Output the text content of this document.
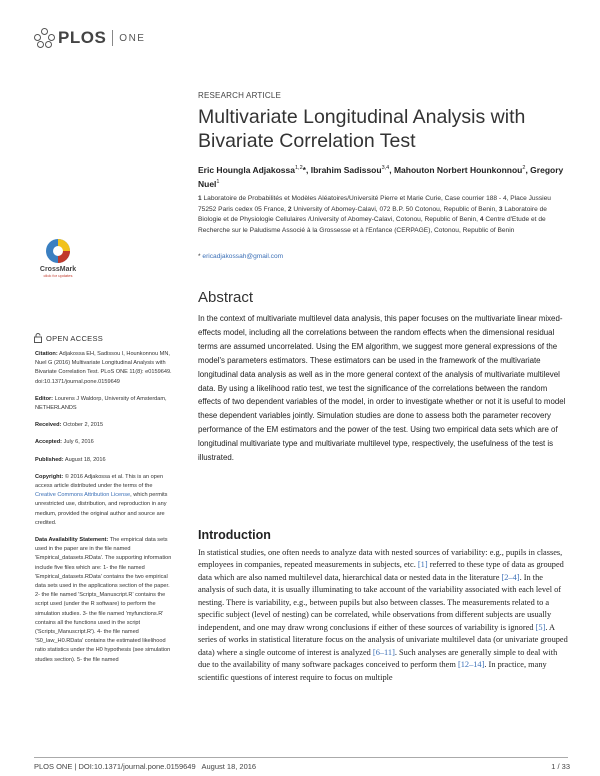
PLOS ONE
RESEARCH ARTICLE
Multivariate Longitudinal Analysis with Bivariate Correlation Test
Eric Houngla Adjakossa$^{1,2}$*, Ibrahim Sadissou$^{3,4}$, Mahouton Norbert Hounkonnou$^2$, Gregory Nuel$^1$
1 Laboratoire de Probabilités et Modèles Aléatoires/Université Pierre et Marie Curie, Case courrier 188 - 4, Place Jussieu 75252 Paris cedex 05 France, 2 University of Abomey-Calavi, 072 B.P. 50 Cotonou, Republic of Benin, 3 Laboratoire de Biologie et de Physiologie Cellulaires /University of Abomey-Calavi, Cotonou, Republic of Benin, 4 Centre d'Etude et de Recherche sur le Paludisme Associé à la Grossesse et à l'Enfance (CERPAGE), Cotonou, Republic of Benin
* ericadjakossah@gmail.com
Abstract
In the context of multivariate multilevel data analysis, this paper focuses on the multivariate linear mixed-effects model, including all the correlations between the random effects when the dimensional residual terms are assumed uncorrelated. Using the EM algorithm, we suggest more general expressions of the model's parameters estimators. These estimators can be used in the framework of the multivariate longitudinal data analysis as well as in the more general context of the analysis of multivariate multilevel data. By using a likelihood ratio test, we test the significance of the correlations between the random effects of two dependent variables of the model, in order to investigate whether or not it is useful to model these dependent variables jointly. Simulation studies are done to assess both the parameter recovery performance of the EM estimators and the power of the test. Using two empirical data sets which are of longitudinal multivariate type and multivariate multilevel type, respectively, the usefulness of the test is illustrated.
Introduction
In statistical studies, one often needs to analyze data with nested sources of variability: e.g., pupils in classes, employees in companies, repeated measurements in subjects, etc. [1] referred to these type of data as grouped data which are also named multilevel data, hierarchical data or nested data in the literature [2–4]. In the analysis of such data, it is usually illuminating to take account of the variability associated with each level of nesting. There is variability, e.g., between pupils but also between classes. The measurements related to a specific subject (level of nesting) can be correlated, while observations from different subjects are usually independent, and one may draw wrong conclusions if either of these sources of variability is ignored [5]. A series of works in statistical literature focus on the analysis of univariate multilevel data (or univariate grouped data) where a single outcome of interest is analyzed [6–11]. Such analyses are generally simple to deal with due to the availability of many software packages conceived to perform them [12–14]. In practice, many scientific questions of interest require to focus on multiple
CrossMark
click for updates
OPEN ACCESS

Citation: Adjakossa EH, Sadissou I, Hounkonnou MN, Nuel G (2016) Multivariate Longitudinal Analysis with Bivariate Correlation Test. PLoS ONE 11(8): e0159649. doi:10.1371/journal.pone.0159649

Editor: Lourens J Waldorp, University of Amsterdam, NETHERLANDS

Received: October 2, 2015

Accepted: July 6, 2016

Published: August 18, 2016

Copyright: © 2016 Adjakossa et al. This is an open access article distributed under the terms of the Creative Commons Attribution License, which permits unrestricted use, distribution, and reproduction in any medium, provided the original author and source are credited.

Data Availability Statement: The empirical data sets used in the paper are in the file named 'Empirical_datasets.RData'. The supporting information include five files which are: 1- the file named 'Empirical_datasets.RData' contains the two empirical data sets used in the applications section of the paper. 2- the file named 'Scripts_Manuscript.R' contains the script used (under the R software) to perform the simulation studies. 3- the file named 'myfunctions.R' contains all the functions used in the script ('Scripts_Manuscript.R'). 4- the file named 'S0_law_H0.RData' contains the estimated likelihood ratio statistics under the H0 hypothesis (see simulation studies section). 5- the file named

PLOS ONE | DOI:10.1371/journal.pone.0159649   August 18, 2016	1 / 33
